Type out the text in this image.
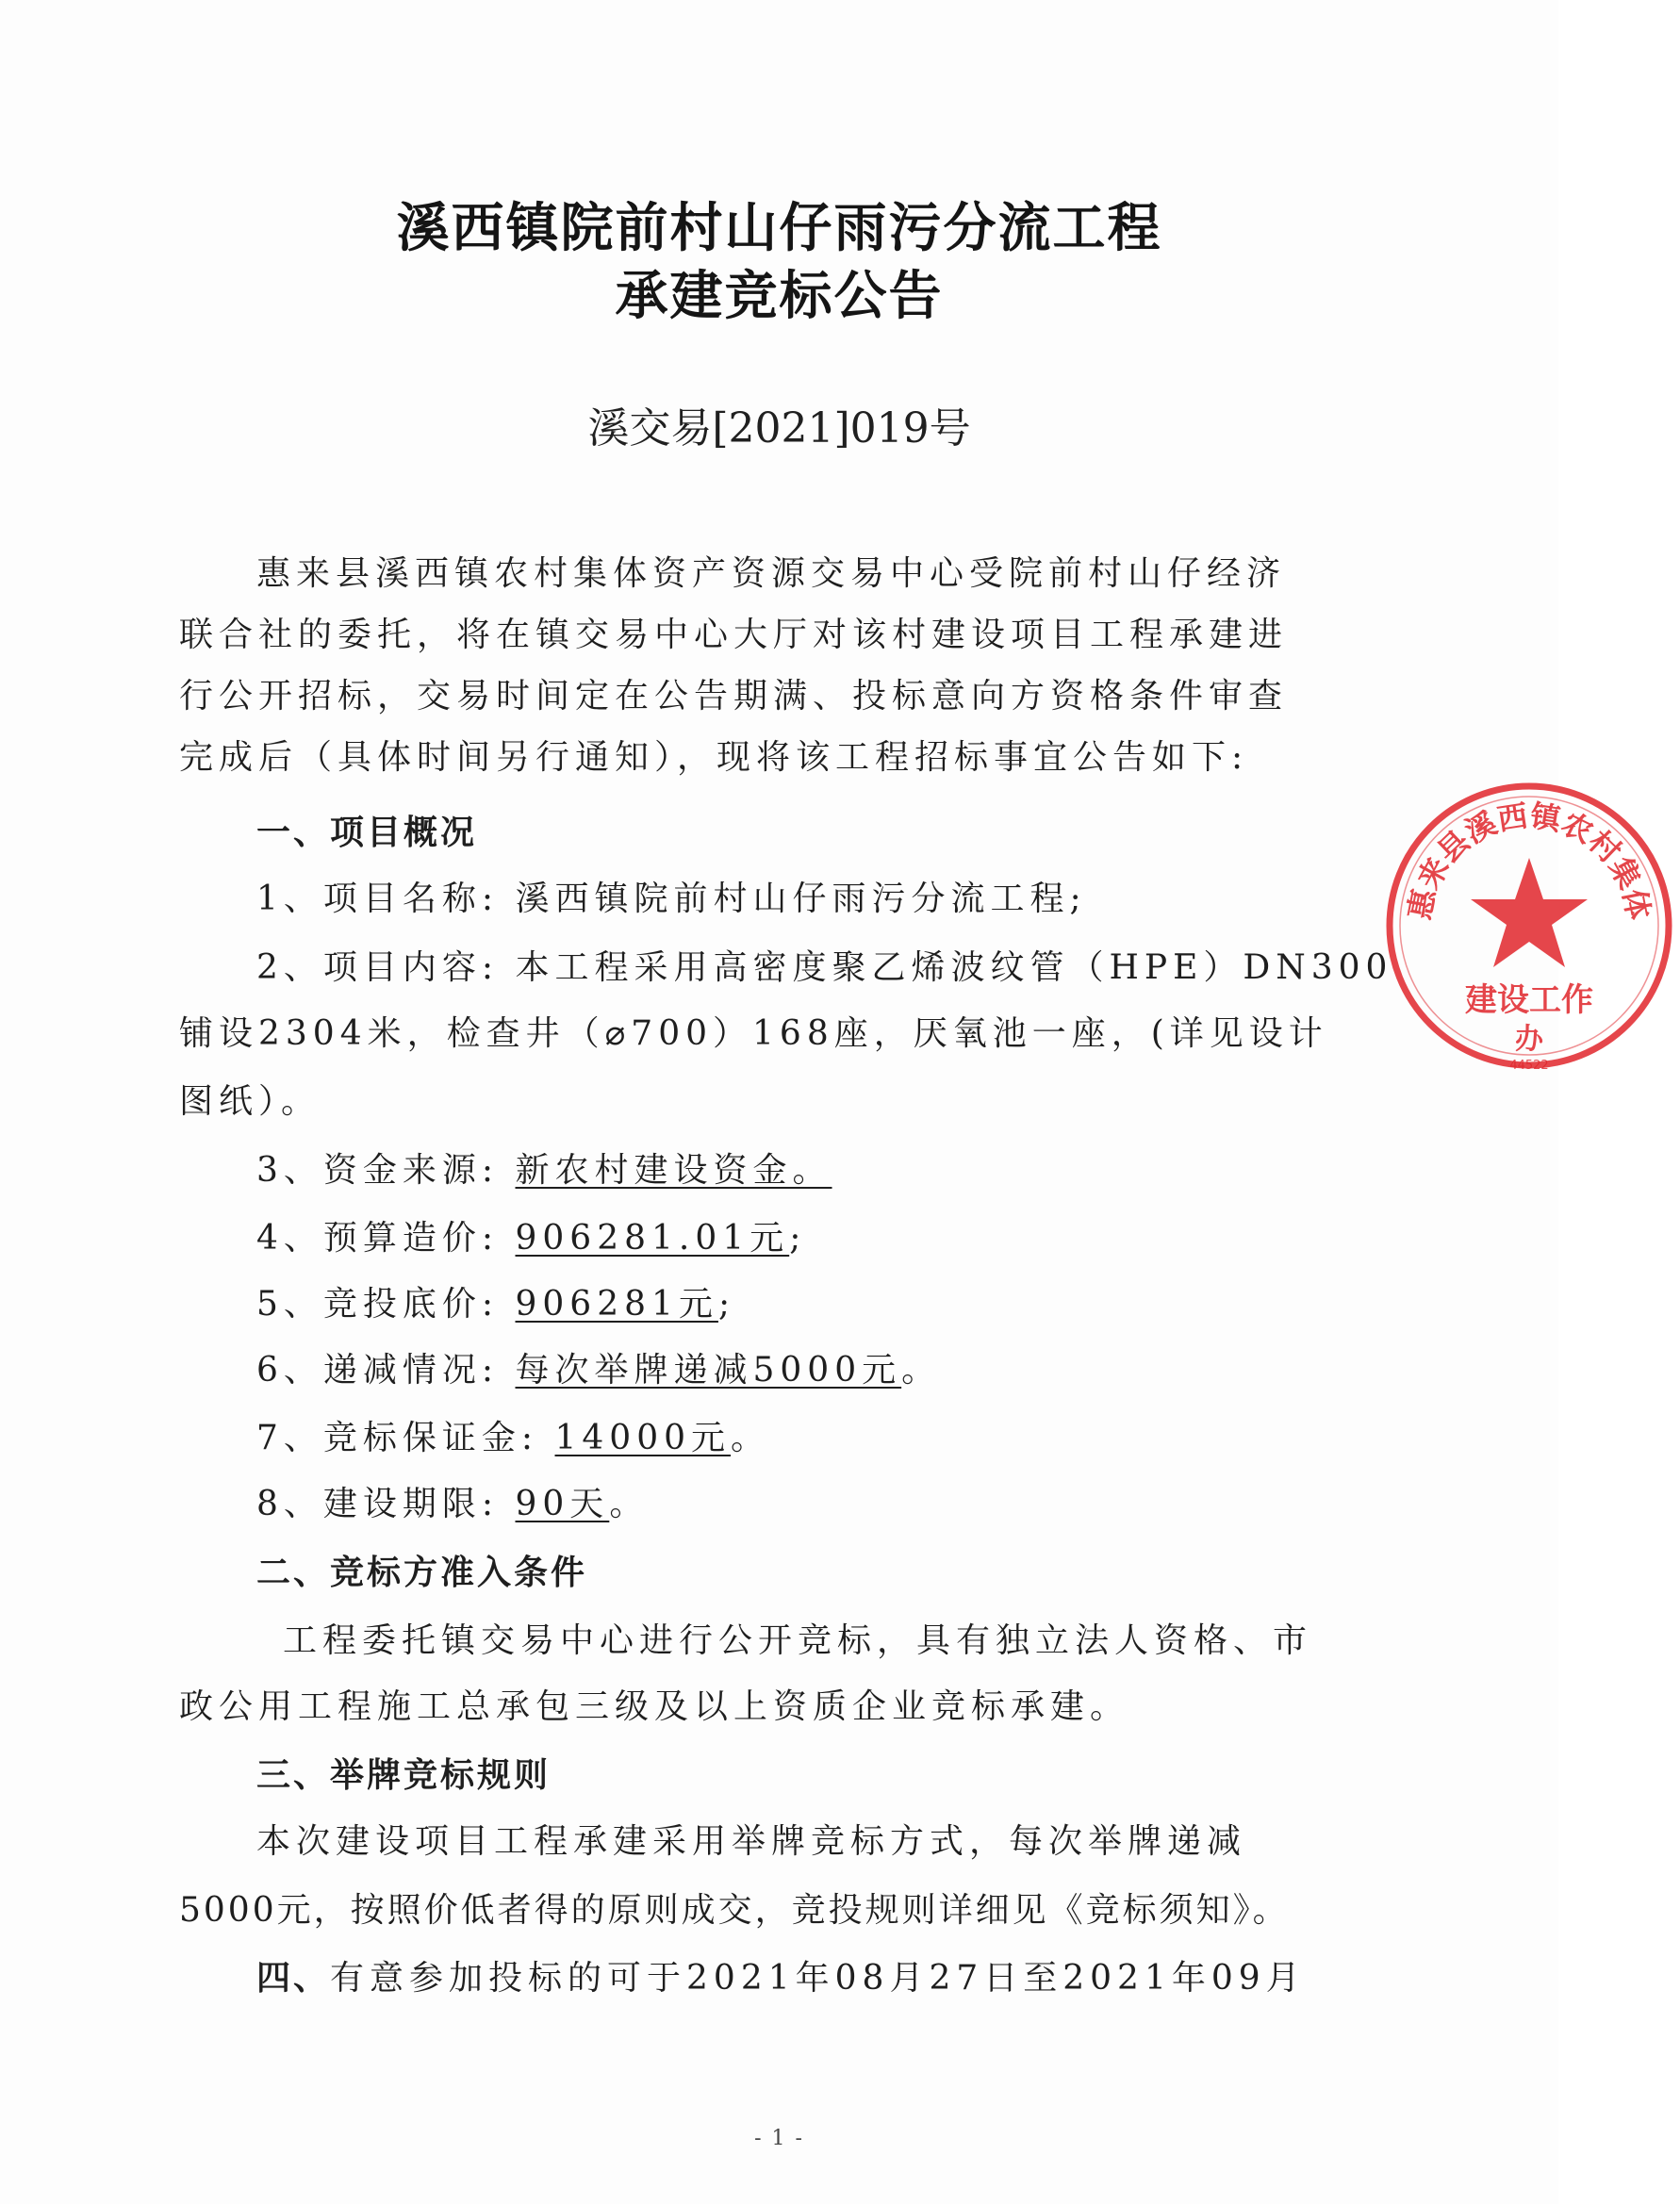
溪西镇院前村山仔雨污分流工程
承建竞标公告
溪交易[2021]019号
惠来县溪西镇农村集体资产资源交易中心受院前村山仔经济
联合社的委托，将在镇交易中心大厅对该村建设项目工程承建进
行公开招标，交易时间定在公告期满、投标意向方资格条件审查
完成后（具体时间另行通知），现将该工程招标事宜公告如下:
一、项目概况
1、项目名称: 溪西镇院前村山仔雨污分流工程;
2、项目内容: 本工程采用高密度聚乙烯波纹管（HPE）DN300
铺设2304米，检查井（⌀700）168座，厌氧池一座，(详见设计
图纸）。
3、资金来源: 新农村建设资金。
4、预算造价: 906281.01元;
5、竞投底价: 906281元;
6、递减情况: 每次举牌递减5000元。
7、竞标保证金: 14000元。
8、建设期限: 90天。
二、竞标方准入条件
工程委托镇交易中心进行公开竞标，具有独立法人资格、市
政公用工程施工总承包三级及以上资质企业竞标承建。
三、举牌竞标规则
本次建设项目工程承建采用举牌竞标方式，每次举牌递减
5000元，按照价低者得的原则成交，竞投规则详细见《竞标须知》。
四、有意参加投标的可于2021年08月27日至2021年09月
惠来县溪西镇农村集体
建设工作
办
44522
- 1 -
